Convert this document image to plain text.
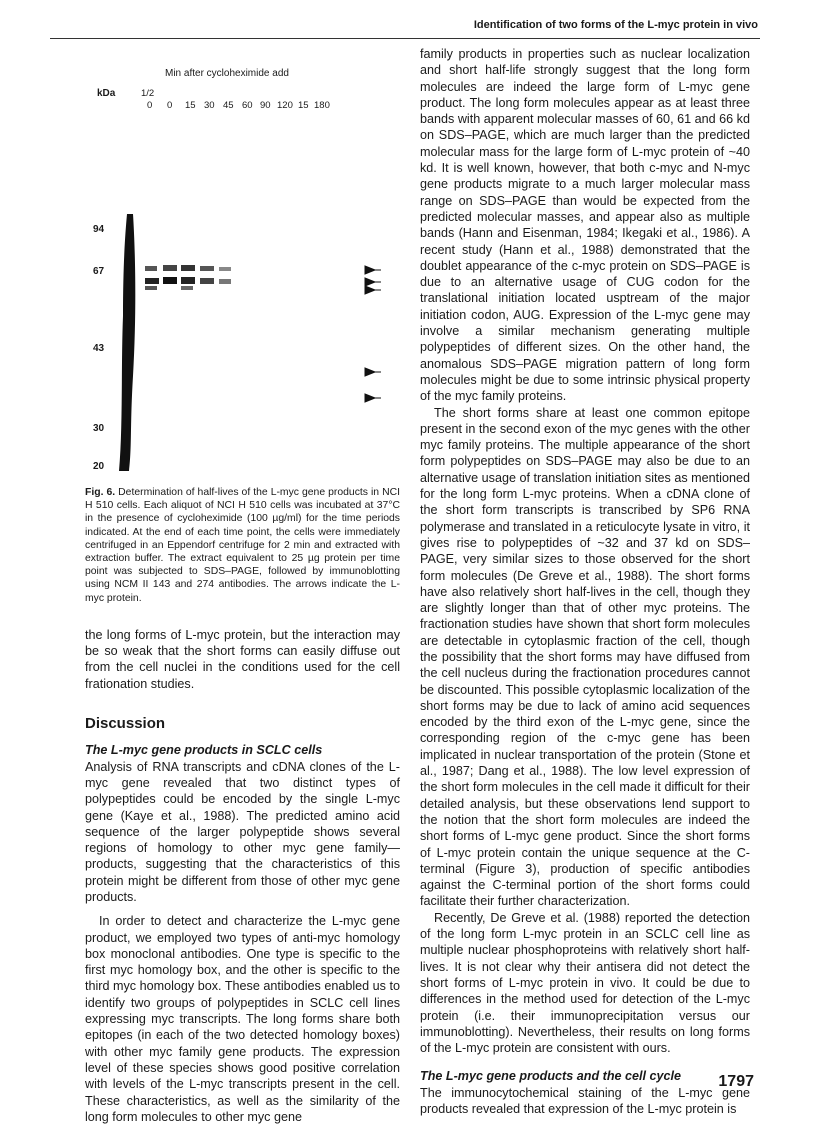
Identification of two forms of the L-myc protein in vivo
Min after cycloheximide add
kDa	1/2
0 0 15 30 45 60 90 120 15 180
94
67
43
30
20
Fig. 6. Determination of half-lives of the L-myc gene products in NCI H 510 cells. Each aliquot of NCI H 510 cells was incubated at 37°C in the presence of cycloheximide (100 µg/ml) for the time periods indicated. At the end of each time point, the cells were immediately centrifuged in an Eppendorf centrifuge for 2 min and extracted with extraction buffer. The extract equivalent to 25 µg protein per time point was subjected to SDS–PAGE, followed by immunoblotting using NCM II 143 and 274 antibodies. The arrows indicate the L-myc protein.

the long forms of L-myc protein, but the interaction may be so weak that the short forms can easily diffuse out from the cell nuclei in the conditions used for the cell frationation studies.

Discussion
The L-myc gene products in SCLC cells

Analysis of RNA transcripts and cDNA clones of the L-myc gene revealed that two distinct types of polypeptides could be encoded by the single L-myc gene (Kaye et al., 1988). The predicted amino acid sequence of the larger polypeptide shows several regions of homology to other myc gene family—products, suggesting that the characteristics of this protein might be different from those of other myc gene products.

In order to detect and characterize the L-myc gene product, we employed two types of anti-myc homology box monoclonal antibodies. One type is specific to the first myc homology box, and the other is specific to the third myc homology box. These antibodies enabled us to identify two groups of polypeptides in SCLC cell lines expressing myc transcripts. The long forms share both epitopes (in each of the two detected homology boxes) with other myc family gene products. The expression level of these species shows good positive correlation with levels of the L-myc transcripts present in the cell. These characteristics, as well as the similarity of the long form molecules to other myc gene

family products in properties such as nuclear localization and short half-life strongly suggest that the long form molecules are indeed the large form of L-myc gene product. The long form molecules appear as at least three bands with apparent molecular masses of 60, 61 and 66 kd on SDS–PAGE, which are much larger than the predicted molecular mass for the large form of L-myc protein of ~40 kd. It is well known, however, that both c-myc and N-myc gene products migrate to a much larger molecular mass range on SDS–PAGE than would be expected from the predicted molecular masses, and appear also as multiple bands (Hann and Eisenman, 1984; Ikegaki et al., 1986). A recent study (Hann et al., 1988) demonstrated that the doublet appearance of the c-myc protein on SDS–PAGE is due to an alternative usage of CUG codon for the translational initiation located usptream of the major initiation codon, AUG. Expression of the L-myc gene may involve a similar mechanism generating multiple polypeptides of different sizes. On the other hand, the anomalous SDS–PAGE migration pattern of long form molecules might be due to some intrinsic physical property of the myc family proteins.

The short forms share at least one common epitope present in the second exon of the myc genes with the other myc family proteins. The multiple appearance of the short form polypeptides on SDS–PAGE may also be due to an alternative usage of translation initiation sites as mentioned for the long form L-myc proteins. When a cDNA clone of the short form transcripts is transcribed by SP6 RNA polymerase and translated in a reticulocyte lysate in vitro, it gives rise to polypeptides of ~32 and 37 kd on SDS–PAGE, very similar sizes to those observed for the short form molecules (De Greve et al., 1988). The short forms have also relatively short half-lives in the cell, though they are slightly longer than that of other myc proteins. The fractionation studies have shown that short form molecules are detectable in cytoplasmic fraction of the cell, though the possibility that the short forms may have diffused from the cell nucleus during the fractionation procedures cannot be discounted. This possible cytoplasmic localization of the short forms may be due to lack of amino acid sequences encoded by the third exon of the L-myc gene, since the corresponding region of the c-myc gene has been implicated in nuclear transportation of the protein (Stone et al., 1987; Dang et al., 1988). The low level expression of the short form molecules in the cell made it difficult for their detailed analysis, but these observations lend support to the notion that the short form molecules are indeed the short forms of L-myc gene product. Since the short forms of L-myc protein contain the unique sequence at the C-terminal (Figure 3), production of specific antibodies against the C-terminal portion of the short forms could facilitate their further characterization.

Recently, De Greve et al. (1988) reported the detection of the long form L-myc protein in an SCLC cell line as multiple nuclear phosphoproteins with relatively short half-lives. It is not clear why their antisera did not detect the short forms of L-myc protein in vivo. It could be due to differences in the method used for detection of the L-myc protein (i.e. their immunoprecipitation versus our immunoblotting). Nevertheless, their results on long forms of the L-myc protein are consistent with ours.

The L-myc gene products and the cell cycle

The immunocytochemical staining of the L-myc gene products revealed that expression of the L-myc protein is

1797
